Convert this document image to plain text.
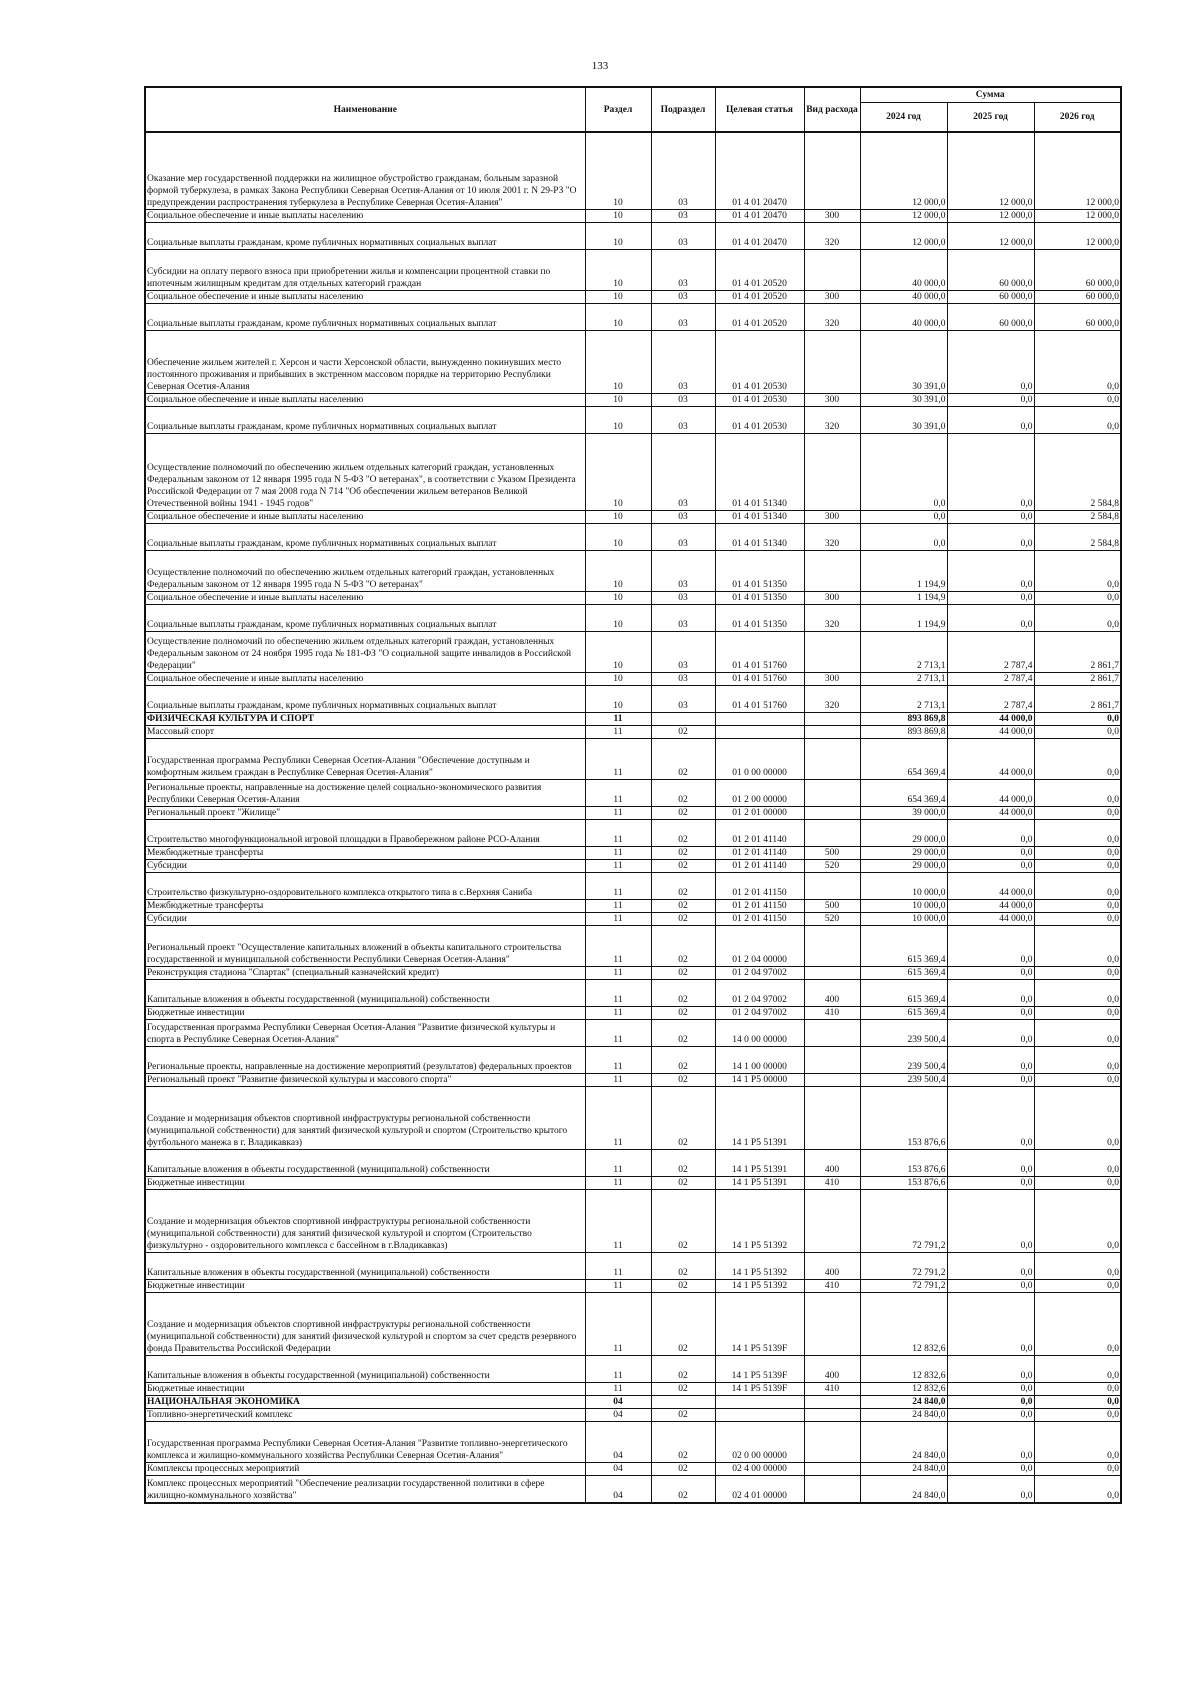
133
Наименование	Раздел	Подраздел	Целевая статья	Вид расхода	Сумма		
					2024 год	2025 год	2026 год
Оказание мер государственной поддержки на жилищное обустройство гражданам, больным заразной формой туберкулеза, в рамках Закона Республики Северная Осетия-Алания от 10 июля 2001 г. N 29-РЗ "О предупреждении распространения туберкулеза в Республике Северная Осетия-Алания"	10	03	01 4 01 20470		12 000,0	12 000,0	12 000,0
Социальное обеспечение и иные выплаты населению	10	03	01 4 01 20470	300	12 000,0	12 000,0	12 000,0
Социальные выплаты гражданам, кроме публичных нормативных социальных выплат	10	03	01 4 01 20470	320	12 000,0	12 000,0	12 000,0
Субсидии на оплату первого взноса при приобретении жилья и компенсации процентной ставки по ипотечным жилищным кредитам для отдельных категорий граждан	10	03	01 4 01 20520		40 000,0	60 000,0	60 000,0
Социальное обеспечение и иные выплаты населению	10	03	01 4 01 20520	300	40 000,0	60 000,0	60 000,0
Социальные выплаты гражданам, кроме публичных нормативных социальных выплат	10	03	01 4 01 20520	320	40 000,0	60 000,0	60 000,0
Обеспечение жильем жителей г. Херсон и части Херсонской области, вынужденно покинувших место постоянного проживания и прибывших в экстренном массовом порядке на территорию Республики Северная Осетия-Алания	10	03	01 4 01 20530		30 391,0	0,0	0,0
Социальное обеспечение и иные выплаты населению	10	03	01 4 01 20530	300	30 391,0	0,0	0,0
Социальные выплаты гражданам, кроме публичных нормативных социальных выплат	10	03	01 4 01 20530	320	30 391,0	0,0	0,0
Осуществление полномочий по обеспечению жильем отдельных категорий граждан, установленных Федеральным законом от 12 января 1995 года N 5-ФЗ "О ветеранах", в соответствии с Указом Президента Российской Федерации от 7 мая 2008 года N 714 "Об обеспечении жильем ветеранов Великой Отечественной войны 1941 - 1945 годов"	10	03	01 4 01 51340		0,0	0,0	2 584,8
Социальное обеспечение и иные выплаты населению	10	03	01 4 01 51340	300	0,0	0,0	2 584,8
Социальные выплаты гражданам, кроме публичных нормативных социальных выплат	10	03	01 4 01 51340	320	0,0	0,0	2 584,8
Осуществление полномочий по обеспечению жильем отдельных категорий граждан, установленных Федеральным законом от 12 января 1995 года N 5-ФЗ "О ветеранах"	10	03	01 4 01 51350		1 194,9	0,0	0,0
Социальное обеспечение и иные выплаты населению	10	03	01 4 01 51350	300	1 194,9	0,0	0,0
Социальные выплаты гражданам, кроме публичных нормативных социальных выплат	10	03	01 4 01 51350	320	1 194,9	0,0	0,0
Осуществление полномочий по обеспечению жильем отдельных категорий граждан, установленных Федеральным законом от 24 ноября 1995 года № 181-ФЗ "О социальной защите инвалидов в Российской Федерации"	10	03	01 4 01 51760		2 713,1	2 787,4	2 861,7
Социальное обеспечение и иные выплаты населению	10	03	01 4 01 51760	300	2 713,1	2 787,4	2 861,7
Социальные выплаты гражданам, кроме публичных нормативных социальных выплат	10	03	01 4 01 51760	320	2 713,1	2 787,4	2 861,7
ФИЗИЧЕСКАЯ КУЛЬТУРА И СПОРТ	11				893 869,8	44 000,0	0,0
Массовый спорт	11	02			893 869,8	44 000,0	0,0
Государственная программа Республики Северная Осетия-Алания "Обеспечение доступным и комфортным жильем граждан в Республике Северная Осетия-Алания"	11	02	01 0 00 00000		654 369,4	44 000,0	0,0
Региональные проекты, направленные на достижение целей социально-экономического развития Республики Северная Осетия-Алания	11	02	01 2 00 00000		654 369,4	44 000,0	0,0
Региональный проект "Жилище"	11	02	01 2 01 00000		39 000,0	44 000,0	0,0
Строительство многофункциональной игровой площадки в Правобережном районе РСО-Алания	11	02	01 2 01 41140		29 000,0	0,0	0,0
Межбюджетные трансферты	11	02	01 2 01 41140	500	29 000,0	0,0	0,0
Субсидии	11	02	01 2 01 41140	520	29 000,0	0,0	0,0
Строительство физкультурно-оздоровительного комплекса открытого типа в с.Верхняя Саниба	11	02	01 2 01 41150		10 000,0	44 000,0	0,0
Межбюджетные трансферты	11	02	01 2 01 41150	500	10 000,0	44 000,0	0,0
Субсидии	11	02	01 2 01 41150	520	10 000,0	44 000,0	0,0
Региональный проект "Осуществление капитальных вложений в объекты капитального строительства государственной и муниципальной собственности Республики Северная Осетия-Алания"	11	02	01 2 04 00000		615 369,4	0,0	0,0
Реконструкция стадиона "Спартак" (специальный казначейский кредит)	11	02	01 2 04 97002		615 369,4	0,0	0,0
Капитальные вложения в объекты государственной (муниципальной) собственности	11	02	01 2 04 97002	400	615 369,4	0,0	0,0
Бюджетные инвестиции	11	02	01 2 04 97002	410	615 369,4	0,0	0,0
Государственная программа Республики Северная Осетия-Алания "Развитие физической культуры и спорта в Республике Северная Осетия-Алания"	11	02	14 0 00 00000		239 500,4	0,0	0,0
Региональные проекты, направленные на достижение мероприятий (результатов) федеральных проектов	11	02	14 1 00 00000		239 500,4	0,0	0,0
Региональный проект "Развитие физической культуры и массового спорта"	11	02	14 1 P5 00000		239 500,4	0,0	0,0
Создание и модернизация объектов спортивной инфраструктуры региональной собственности (муниципальной собственности) для занятий физической культурой и спортом (Строительство крытого футбольного манежа в г. Владикавказ)	11	02	14 1 P5 51391		153 876,6	0,0	0,0
Капитальные вложения в объекты государственной (муниципальной) собственности	11	02	14 1 P5 51391	400	153 876,6	0,0	0,0
Бюджетные инвестиции	11	02	14 1 P5 51391	410	153 876,6	0,0	0,0
Создание и модернизация объектов спортивной инфраструктуры региональной собственности (муниципальной собственности) для занятий физической культурой и спортом (Строительство физкультурно - оздоровительного комплекса с бассейном в г.Владикавказ)	11	02	14 1 P5 51392		72 791,2	0,0	0,0
Капитальные вложения в объекты государственной (муниципальной) собственности	11	02	14 1 P5 51392	400	72 791,2	0,0	0,0
Бюджетные инвестиции	11	02	14 1 P5 51392	410	72 791,2	0,0	0,0
Создание и модернизация объектов спортивной инфраструктуры региональной собственности (муниципальной собственности) для занятий физической культурой и спортом за счет средств резервного фонда Правительства Российской Федерации	11	02	14 1 P5 5139F		12 832,6	0,0	0,0
Капитальные вложения в объекты государственной (муниципальной) собственности	11	02	14 1 P5 5139F	400	12 832,6	0,0	0,0
Бюджетные инвестиции	11	02	14 1 P5 5139F	410	12 832,6	0,0	0,0
НАЦИОНАЛЬНАЯ ЭКОНОМИКА	04				24 840,0	0,0	0,0
Топливно-энергетический комплекс	04	02			24 840,0	0,0	0,0
Государственная программа Республики Северная Осетия-Алания "Развитие топливно-энергетического комплекса и жилищно-коммунального хозяйства Республики Северная Осетия-Алания"	04	02	02 0 00 00000		24 840,0	0,0	0,0
Комплексы процессных мероприятий	04	02	02 4 00 00000		24 840,0	0,0	0,0
Комплекс процессных мероприятий "Обеспечение реализации государственной политики в сфере жилищно-коммунального хозяйства"	04	02	02 4 01 00000		24 840,0	0,0	0,0
